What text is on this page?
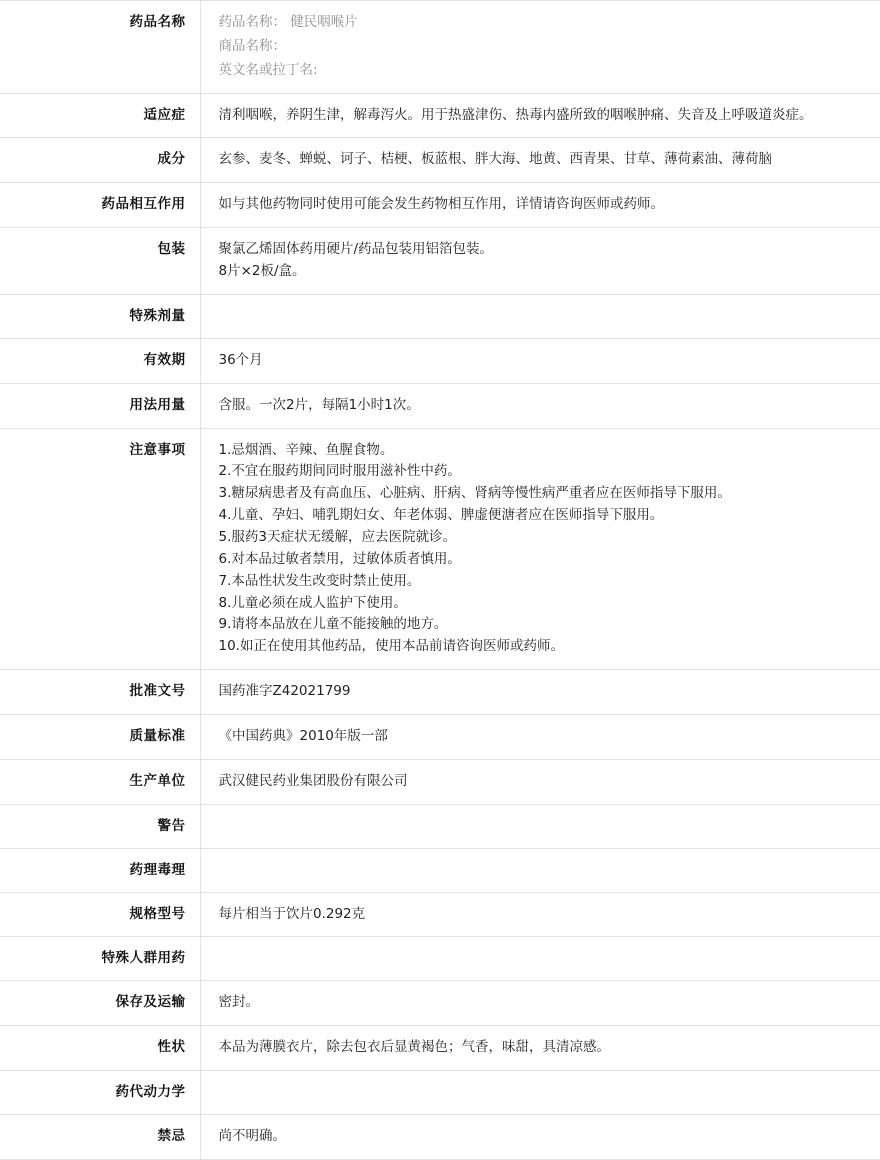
药品名称	药品名称： 健民咽喉片
商品名称：
英文名或拉丁名:

适应症	清利咽喉，养阴生津，解毒泻火。用于热盛津伤、热毒内盛所致的咽喉肿痛、失音及上呼吸道炎症。

成分	玄参、麦冬、蝉蜕、诃子、桔梗、板蓝根、胖大海、地黄、西青果、甘草、薄荷素油、薄荷脑

药品相互作用	如与其他药物同时使用可能会发生药物相互作用，详情请咨询医师或药师。

包装	聚氯乙烯固体药用硬片/药品包装用铝箔包装。
8片×2板/盒。

特殊剂量	

有效期	36个月

用法用量	含服。一次2片，每隔1小时1次。

注意事项	1.忌烟酒、辛辣、鱼腥食物。
2.不宜在服药期间同时服用滋补性中药。
3.糖尿病患者及有高血压、心脏病、肝病、肾病等慢性病严重者应在医师指导下服用。
4.儿童、孕妇、哺乳期妇女、年老体弱、脾虚便溏者应在医师指导下服用。
5.服药3天症状无缓解，应去医院就诊。
6.对本品过敏者禁用，过敏体质者慎用。
7.本品性状发生改变时禁止使用。
8.儿童必须在成人监护下使用。
9.请将本品放在儿童不能接触的地方。
10.如正在使用其他药品，使用本品前请咨询医师或药师。

批准文号	国药准字Z42021799

质量标准	《中国药典》2010年版一部

生产单位	武汉健民药业集团股份有限公司

警告	

药理毒理	

规格型号	每片相当于饮片0.292克

特殊人群用药	

保存及运输	密封。

性状	本品为薄膜衣片，除去包衣后显黄褐色；气香，味甜，具清凉感。

药代动力学	

禁忌	尚不明确。
